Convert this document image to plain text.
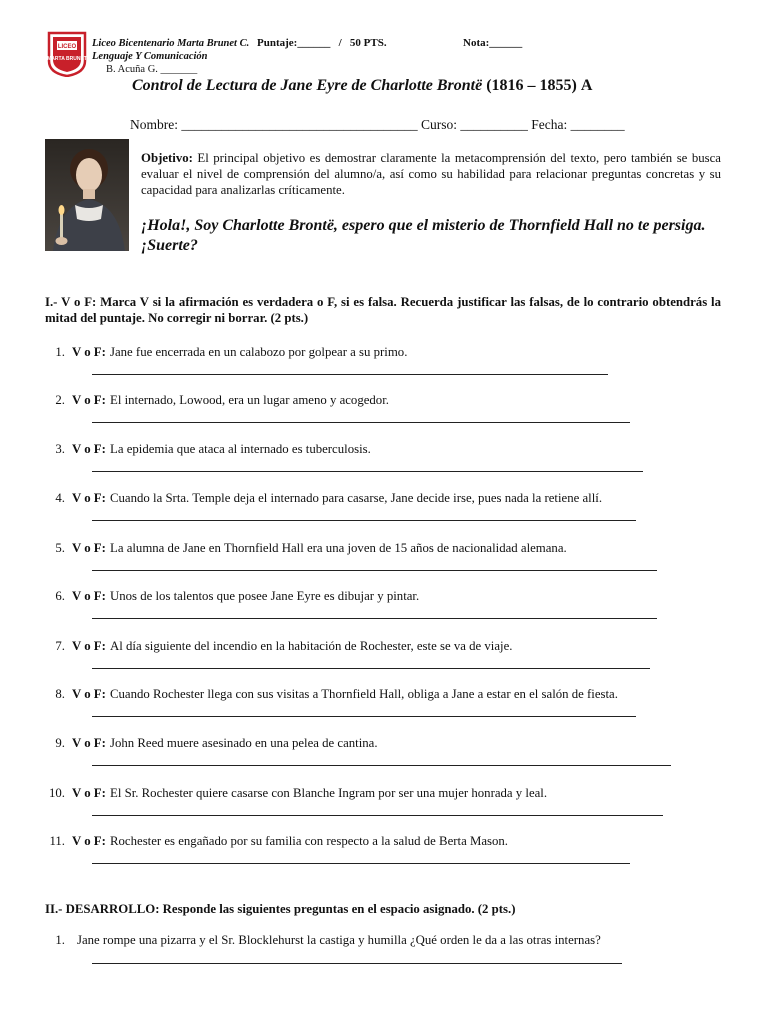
LICEO
MARTA BRUNET
Liceo Bicentenario Marta Brunet C.
Lenguaje Y Comunicación
B. Acuña G. _______
Puntaje:______ / 50 PTS.	Nota:______
Control de Lectura de Jane Eyre de Charlotte Brontë (1816 – 1855) A
Nombre: ___________________________________ Curso: __________ Fecha: ________
Objetivo: El principal objetivo es demostrar claramente la metacomprensión del texto, pero también se busca evaluar el nivel de comprensión del alumno/a, así como su habilidad para relacionar preguntas concretas y su capacidad para analizarlas críticamente.
¡Hola!, Soy Charlotte Brontë, espero que el misterio de Thornfield Hall no te persiga. ¡Suerte?
I.- V o F: Marca V si la afirmación es verdadera o F, si es falsa. Recuerda justificar las falsas, de lo contrario obtendrás la mitad del puntaje. No corregir ni borrar. (2 pts.)
1. V o F: Jane fue encerrada en un calabozo por golpear a su primo.
2. V o F: El internado, Lowood, era un lugar ameno y acogedor.
3. V o F: La epidemia que ataca al internado es tuberculosis.
4. V o F: Cuando la Srta. Temple deja el internado para casarse, Jane decide irse, pues nada la retiene allí.
5. V o F: La alumna de Jane en Thornfield Hall era una joven de 15 años de nacionalidad alemana.
6. V o F: Unos de los talentos que posee Jane Eyre es dibujar y pintar.
7. V o F: Al día siguiente del incendio en la habitación de Rochester, este se va de viaje.
8. V o F: Cuando Rochester llega con sus visitas a Thornfield Hall, obliga a Jane a estar en el salón de fiesta.
9. V o F: John Reed muere asesinado en una pelea de cantina.
10. V o F: El Sr. Rochester quiere casarse con Blanche Ingram por ser una mujer honrada y leal.
11. V o F: Rochester es engañado por su familia con respecto a la salud de Berta Mason.
II.- DESARROLLO: Responde las siguientes preguntas en el espacio asignado. (2 pts.)
1. Jane rompe una pizarra y el Sr. Blocklehurst la castiga y humilla ¿Qué orden le da a las otras internas?
